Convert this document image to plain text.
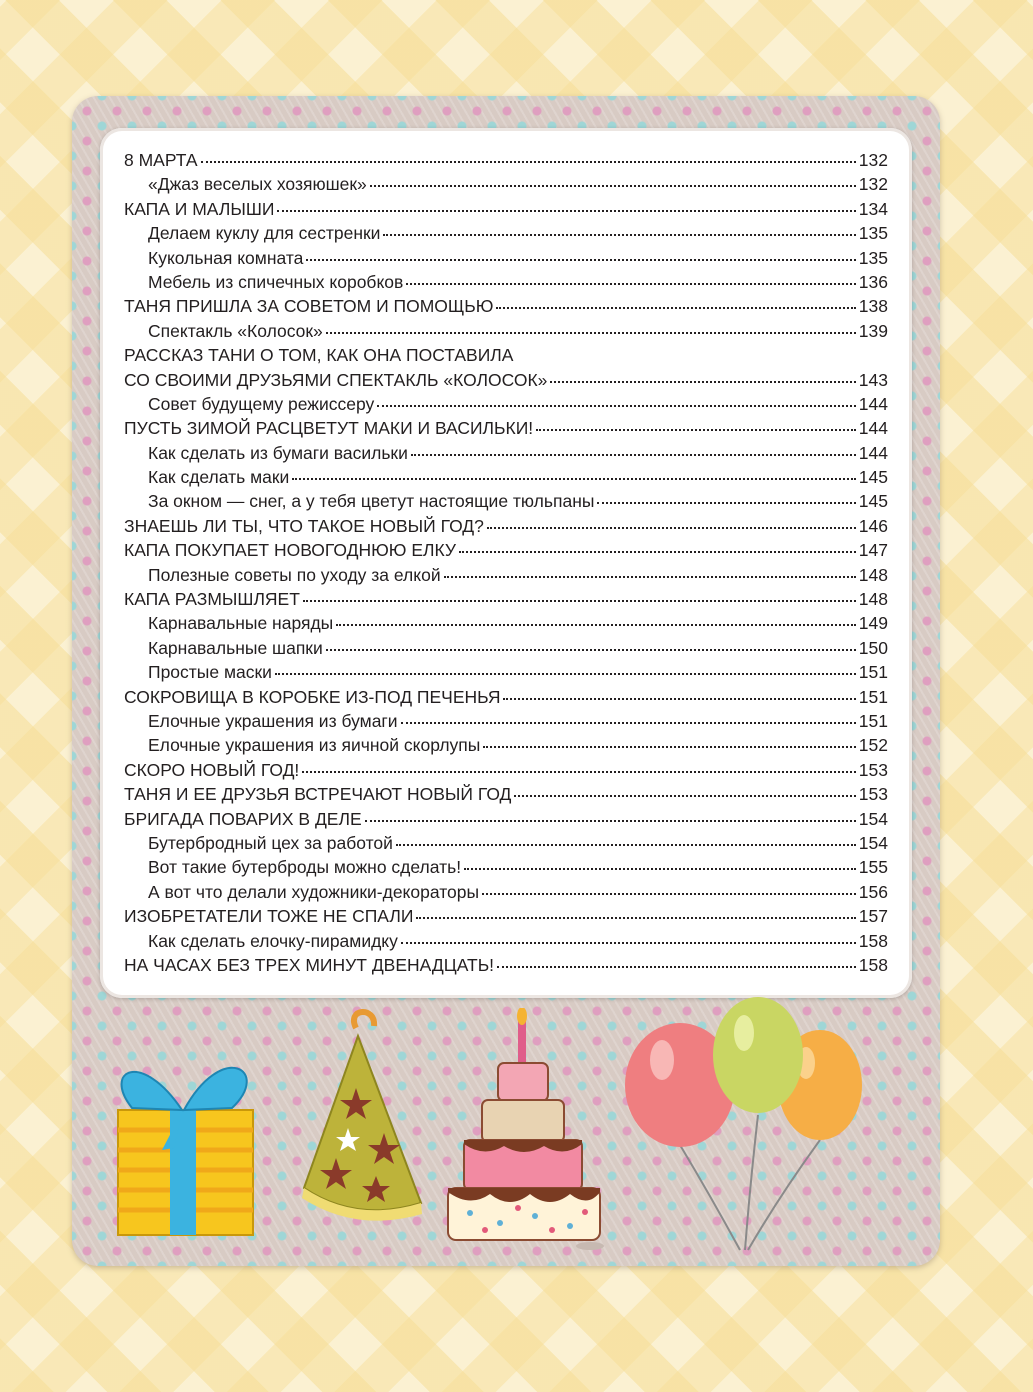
8 МАРТА	132
«Джаз веселых хозяюшек»	132
КАПА И МАЛЫШИ	134
Делаем куклу для сестренки	135
Кукольная комната	135
Мебель из спичечных коробков	136
ТАНЯ ПРИШЛА ЗА СОВЕТОМ И ПОМОЩЬЮ	138
Спектакль «Колосок»	139
РАССКАЗ ТАНИ О ТОМ, КАК ОНА ПОСТАВИЛА
СО СВОИМИ ДРУЗЬЯМИ СПЕКТАКЛЬ «КОЛОСОК»	143
Совет будущему режиссеру	144
ПУСТЬ ЗИМОЙ РАСЦВЕТУТ МАКИ И ВАСИЛЬКИ!	144
Как сделать из бумаги васильки	144
Как сделать маки	145
За окном — снег, а у тебя цветут настоящие тюльпаны	145
ЗНАЕШЬ ЛИ ТЫ, ЧТО ТАКОЕ НОВЫЙ ГОД?	146
КАПА ПОКУПАЕТ НОВОГОДНЮЮ ЕЛКУ	147
Полезные советы по уходу за елкой	148
КАПА РАЗМЫШЛЯЕТ	148
Карнавальные наряды	149
Карнавальные шапки	150
Простые маски	151
СОКРОВИЩА В КОРОБКЕ ИЗ-ПОД ПЕЧЕНЬЯ	151
Елочные украшения из бумаги	151
Елочные украшения из яичной скорлупы	152
СКОРО НОВЫЙ ГОД!	153
ТАНЯ И ЕЕ ДРУЗЬЯ ВСТРЕЧАЮТ НОВЫЙ ГОД	153
БРИГАДА ПОВАРИХ В ДЕЛЕ	154
Бутербродный цех за работой	154
Вот такие бутерброды можно сделать!	155
А вот что делали художники-декораторы	156
ИЗОБРЕТАТЕЛИ ТОЖЕ НЕ СПАЛИ	157
Как сделать елочку-пирамидку	158
НА ЧАСАХ БЕЗ ТРЕХ МИНУТ ДВЕНАДЦАТЬ!	158
